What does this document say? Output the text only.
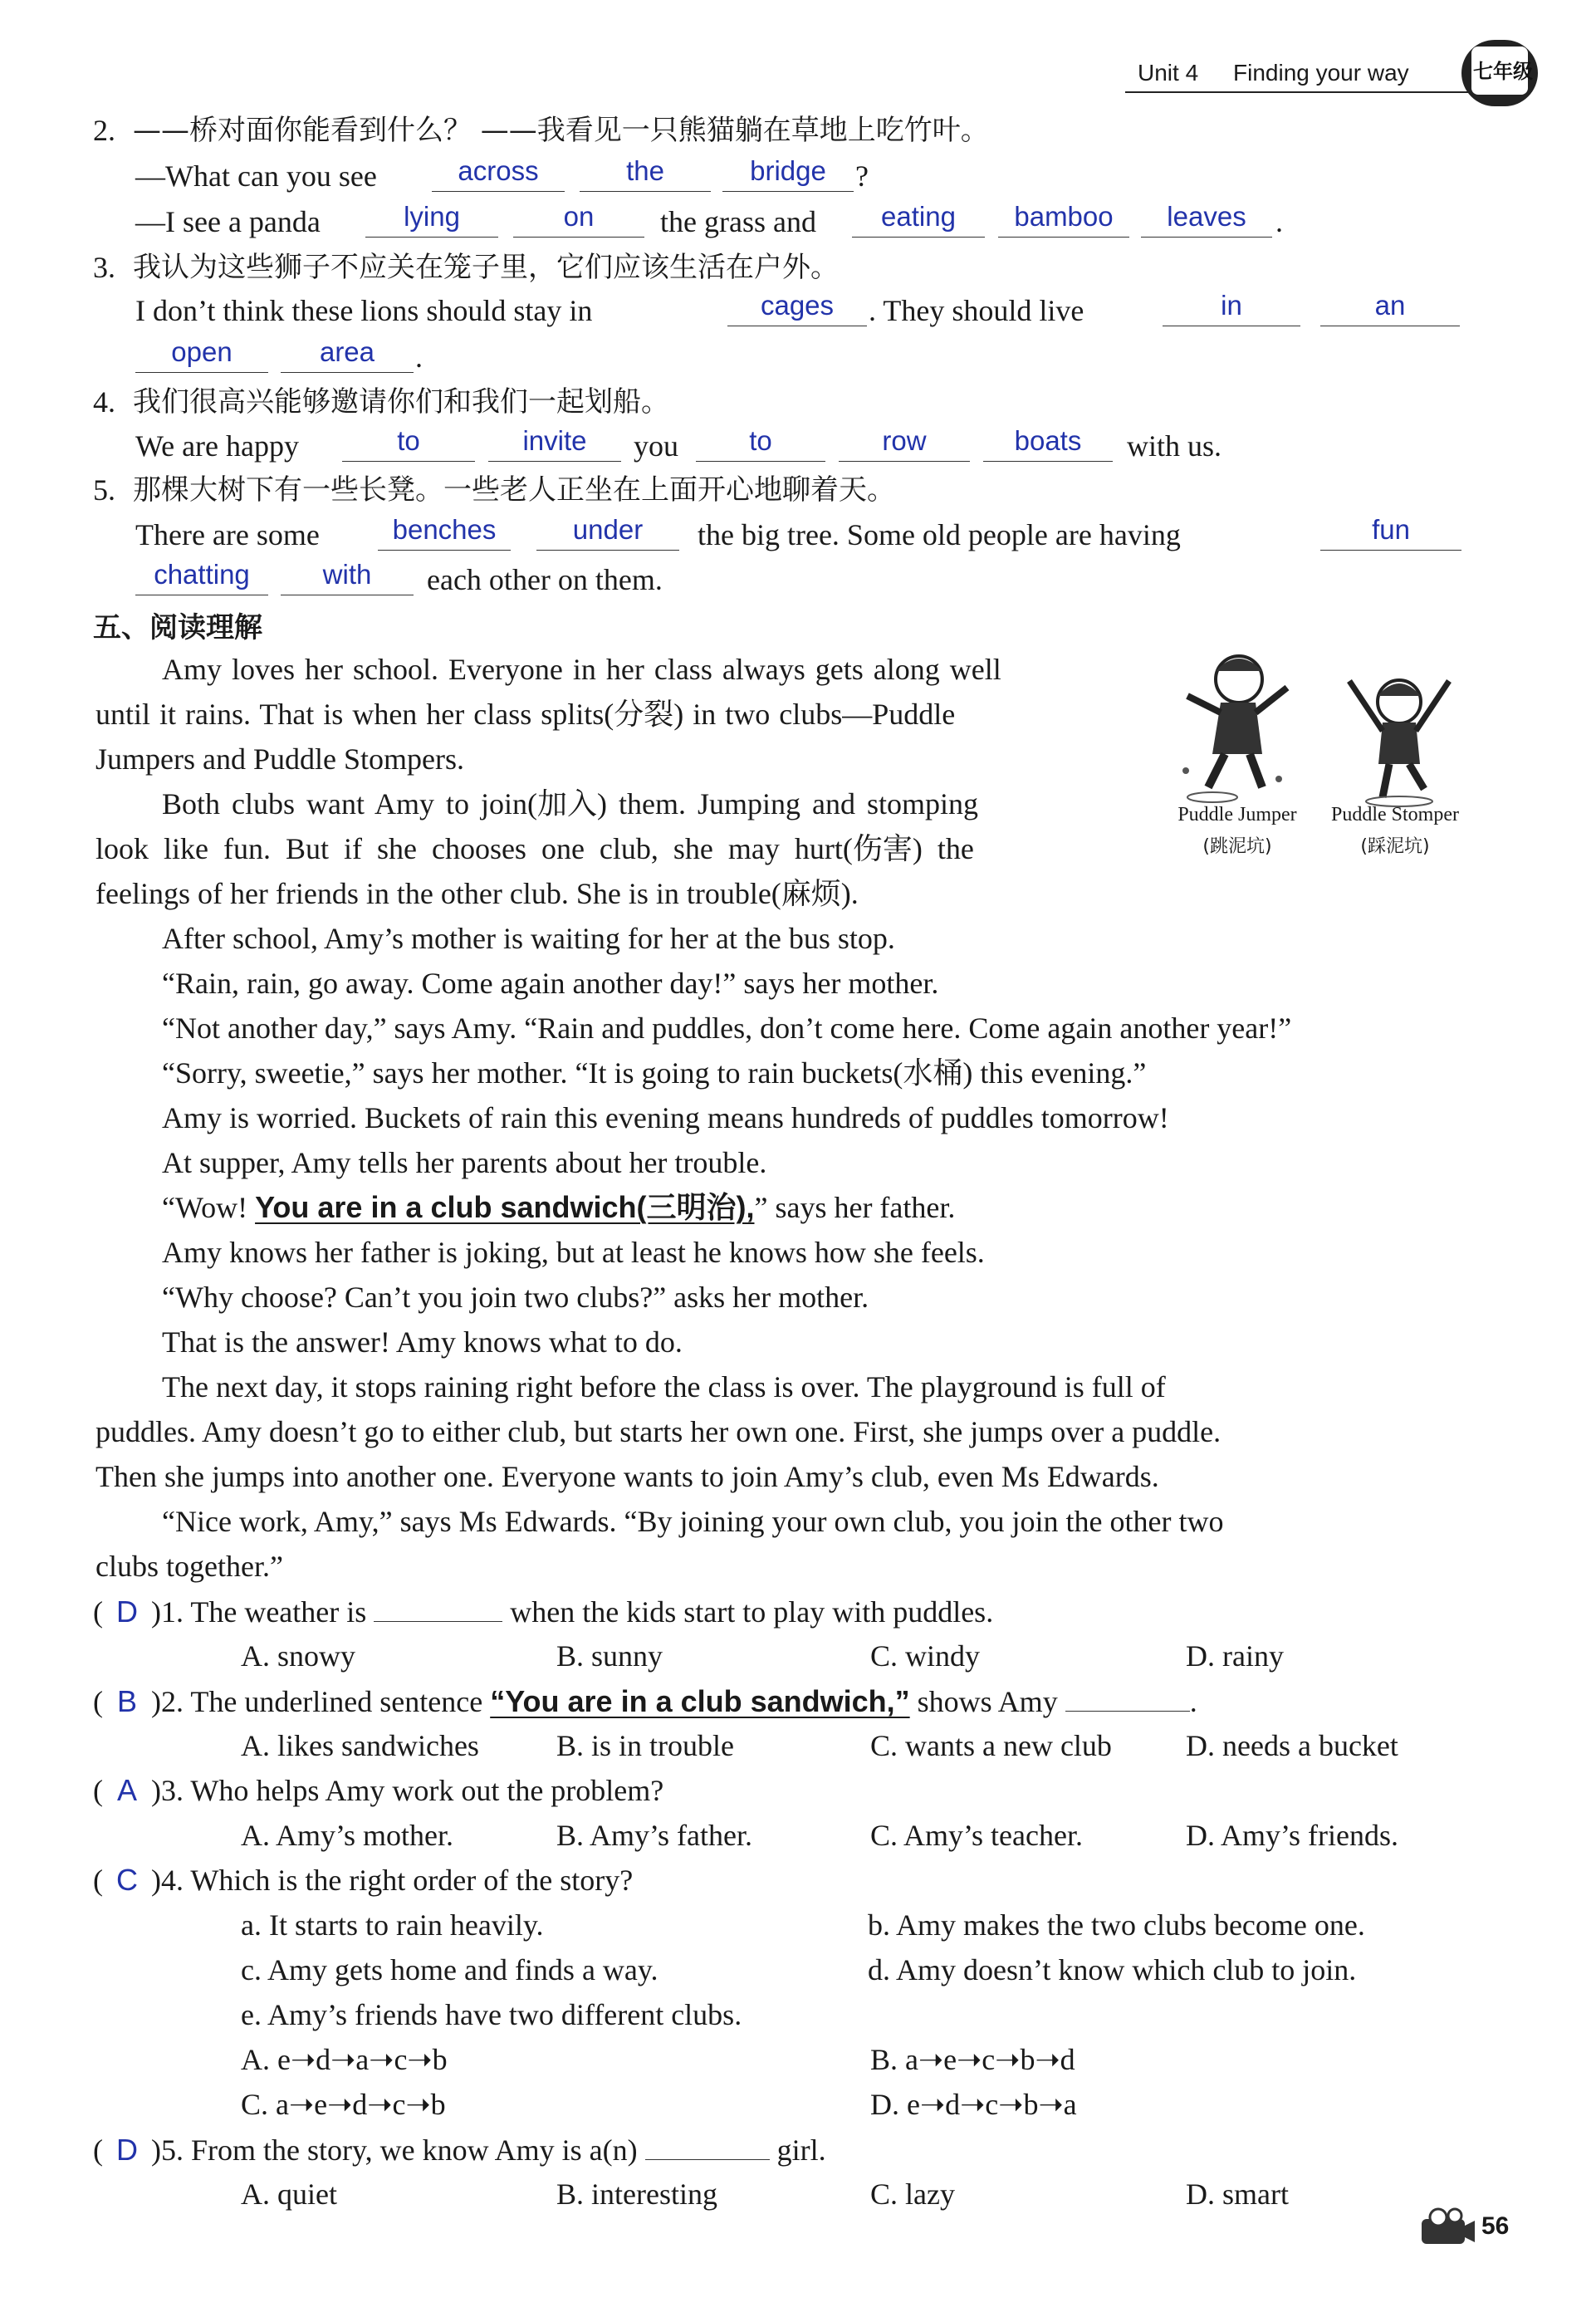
Unit 4 Finding your way	七年级
2. ——桥对面你能看到什么？ ——我看见一只熊猫躺在草地上吃竹叶。
—What can you see	across	the	bridge ?
—I see a panda	lying	on	the grass and	eating	bamboo	leaves .
3. 我认为这些狮子不应关在笼子里，它们应该生活在户外。
I don’t think these lions should stay in	cages	. They should live	in	an
open	area	.
4. 我们很高兴能够邀请你们和我们一起划船。
We are happy	to	invite	you	to	row	boats	with us.
5. 那棵大树下有一些长凳。一些老人正坐在上面开心地聊着天。
There are some	benches	under	the big tree. Some old people are having	fun
chatting	with	each other on them.
五、阅读理解
Puddle Jumper
(跳泥坑)
Puddle Stomper
(踩泥坑)
Amy loves her school. Everyone in her class always gets along well
until it rains. That is when her class splits(分裂) in two clubs—Puddle
Jumpers and Puddle Stompers.
Both clubs want Amy to join(加入) them. Jumping and stomping
look like fun. But if she chooses one club, she may hurt(伤害) the
feelings of her friends in the other club. She is in trouble(麻烦).
After school, Amy’s mother is waiting for her at the bus stop.
“Rain, rain, go away. Come again another day!” says her mother.
“Not another day,” says Amy. “Rain and puddles, don’t come here. Come again another year!”
“Sorry, sweetie,” says her mother. “It is going to rain buckets(水桶) this evening.”
Amy is worried. Buckets of rain this evening means hundreds of puddles tomorrow!
At supper, Amy tells her parents about her trouble.
“Wow! You are in a club sandwich(三明治),” says her father.
Amy knows her father is joking, but at least he knows how she feels.
“Why choose? Can’t you join two clubs?” asks her mother.
That is the answer! Amy knows what to do.
The next day, it stops raining right before the class is over. The playground is full of
puddles. Amy doesn’t go to either club, but starts her own one. First, she jumps over a puddle.
Then she jumps into another one. Everyone wants to join Amy’s club, even Ms Edwards.
“Nice work, Amy,” says Ms Edwards. “By joining your own club, you join the other two
clubs together.”
( D )1. The weather is	when the kids start to play with puddles.
A. snowy	B. sunny	C. windy	D. rainy
( B )2. The underlined sentence “You are in a club sandwich,” shows Amy	.
A. likes sandwiches	B. is in trouble	C. wants a new club D. needs a bucket
( A )3. Who helps Amy work out the problem?
A. Amy’s mother.	B. Amy’s father.	C. Amy’s teacher.	D. Amy’s friends.
( C )4. Which is the right order of the story?
a. It starts to rain heavily.	b. Amy makes the two clubs become one.
c. Amy gets home and finds a way.	d. Amy doesn’t know which club to join.
e. Amy’s friends have two different clubs.
A. e➝d➝a➝c➝b	B. a➝e➝c➝b➝d
C. a➝e➝d➝c➝b	D. e➝d➝c➝b➝a
( D )5. From the story, we know Amy is a(n)	girl.
A. quiet	B. interesting	C. lazy	D. smart
56
